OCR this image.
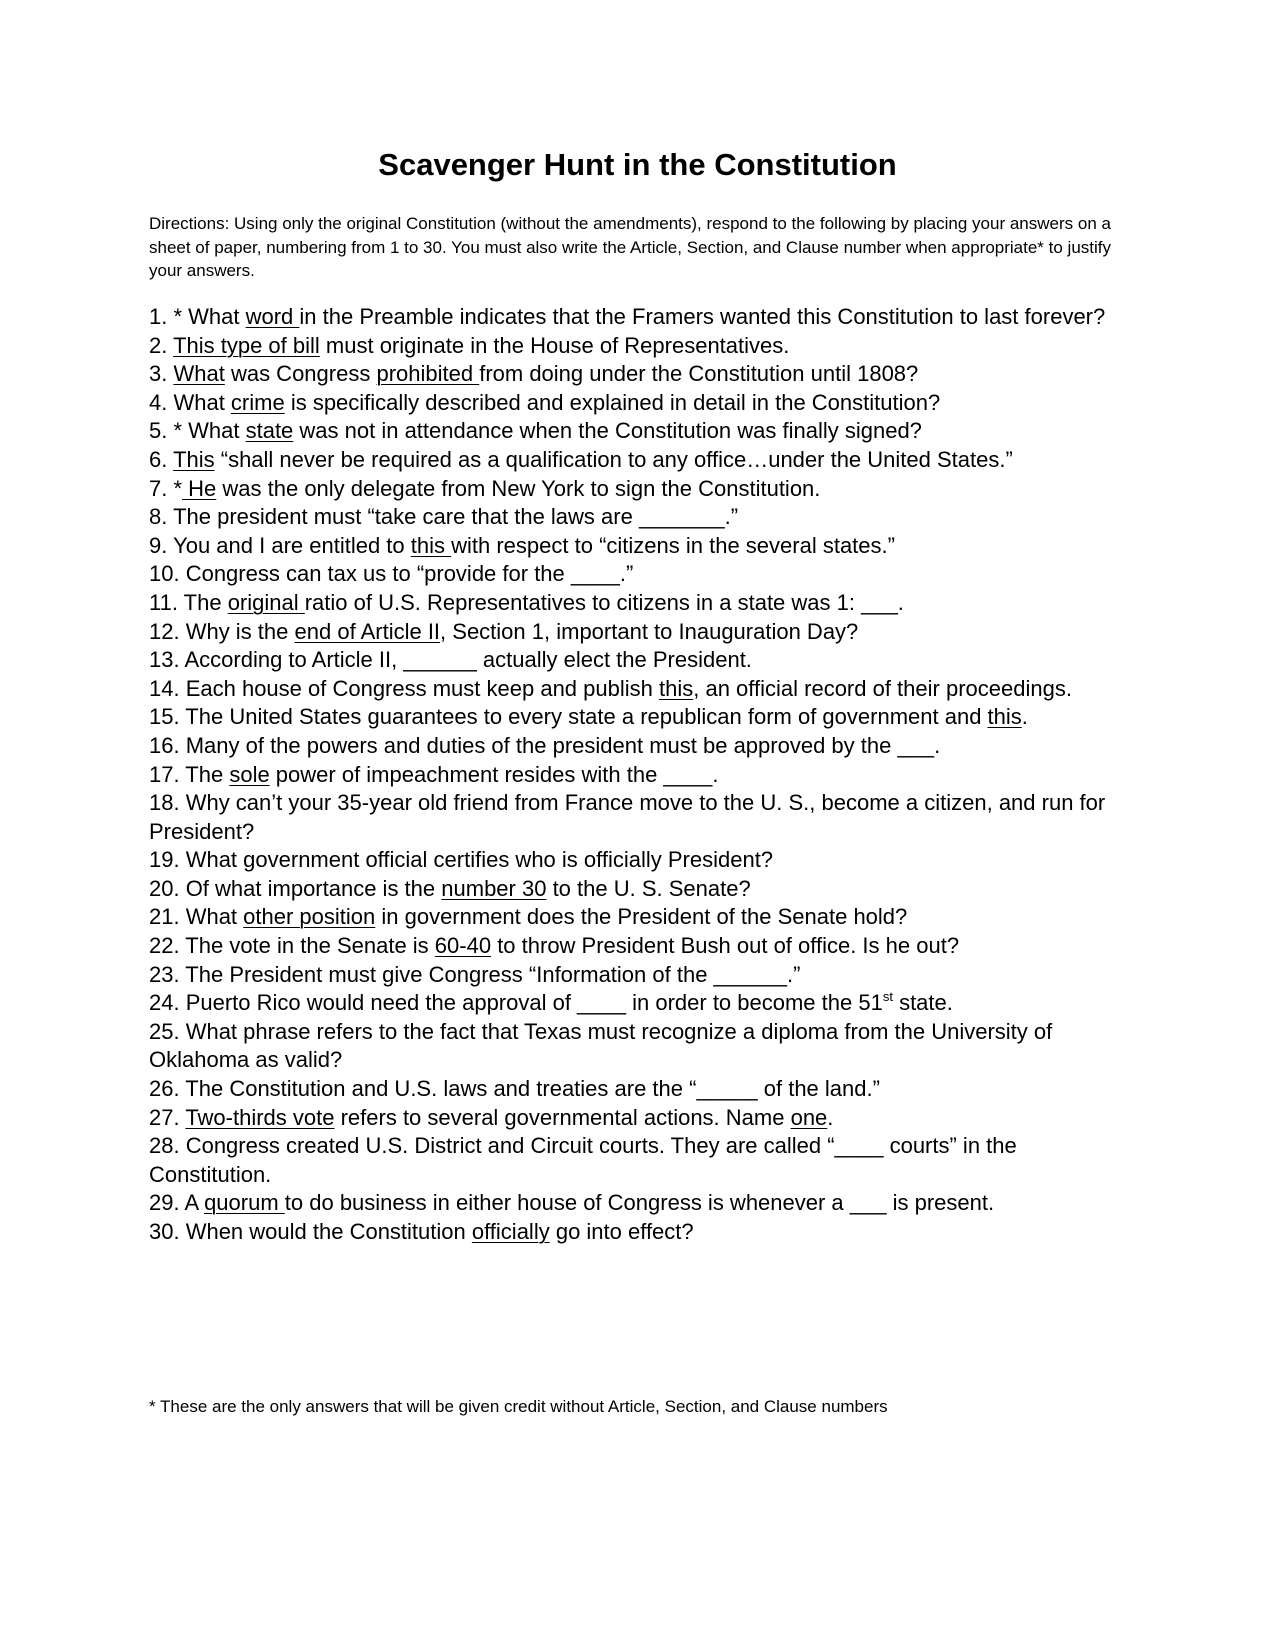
Scavenger Hunt in the Constitution
Directions: Using only the original Constitution (without the amendments), respond to the following by placing your answers on a sheet of paper, numbering from 1 to 30. You must also write the Article, Section, and Clause number when appropriate* to justify your answers.

1. * What word in the Preamble indicates that the Framers wanted this Constitution to last forever?

2. This type of bill must originate in the House of Representatives.

3. What was Congress prohibited from doing under the Constitution until 1808?

4. What crime is specifically described and explained in detail in the Constitution?

5. * What state was not in attendance when the Constitution was finally signed?

6. This “shall never be required as a qualification to any office…under the United States.”

7. * He was the only delegate from New York to sign the Constitution.

8. The president must “take care that the laws are _______.”

9. You and I are entitled to this with respect to “citizens in the several states.”

10. Congress can tax us to “provide for the ____.”

11. The original ratio of U.S. Representatives to citizens in a state was 1: ___.

12. Why is the end of Article II, Section 1, important to Inauguration Day?

13. According to Article II, ______ actually elect the President.

14. Each house of Congress must keep and publish this, an official record of their proceedings.

15. The United States guarantees to every state a republican form of government and this.

16. Many of the powers and duties of the president must be approved by the ___.

17. The sole power of impeachment resides with the ____.

18. Why can’t your 35-year old friend from France move to the U. S., become a citizen, and run for President?

19. What government official certifies who is officially President?

20. Of what importance is the number 30 to the U. S. Senate?

21. What other position in government does the President of the Senate hold?

22. The vote in the Senate is 60-40 to throw President Bush out of office. Is he out?

23. The President must give Congress “Information of the ______.”

24. Puerto Rico would need the approval of ____ in order to become the 51st state.

25. What phrase refers to the fact that Texas must recognize a diploma from the University of Oklahoma as valid?

26. The Constitution and U.S. laws and treaties are the “_____ of the land.”

27. Two-thirds vote refers to several governmental actions. Name one.

28. Congress created U.S. District and Circuit courts. They are called “____ courts” in the Constitution.

29. A quorum to do business in either house of Congress is whenever a ___ is present.

30. When would the Constitution officially go into effect?

* These are the only answers that will be given credit without Article, Section, and Clause numbers
